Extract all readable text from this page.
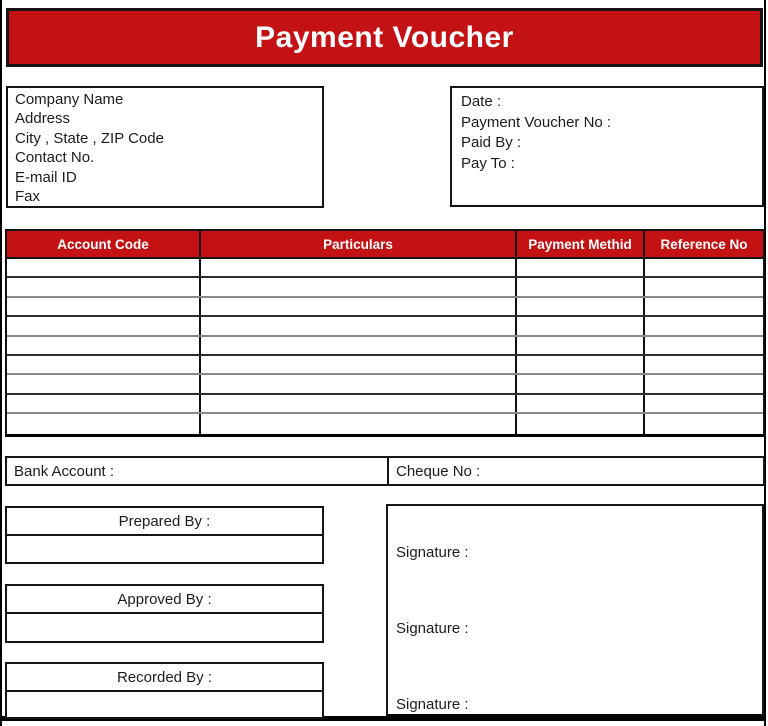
Payment Voucher
Company Name
Address
City , State , ZIP Code
Contact No.
E-mail ID
Fax
Date :
Payment Voucher No :
Paid By :
Pay To :
Account Code	Particulars	Payment Methid	Reference No
Bank Account :	Cheque No :
Prepared By :
Approved By :
Recorded By :
Signature :
Signature :
Signature :
